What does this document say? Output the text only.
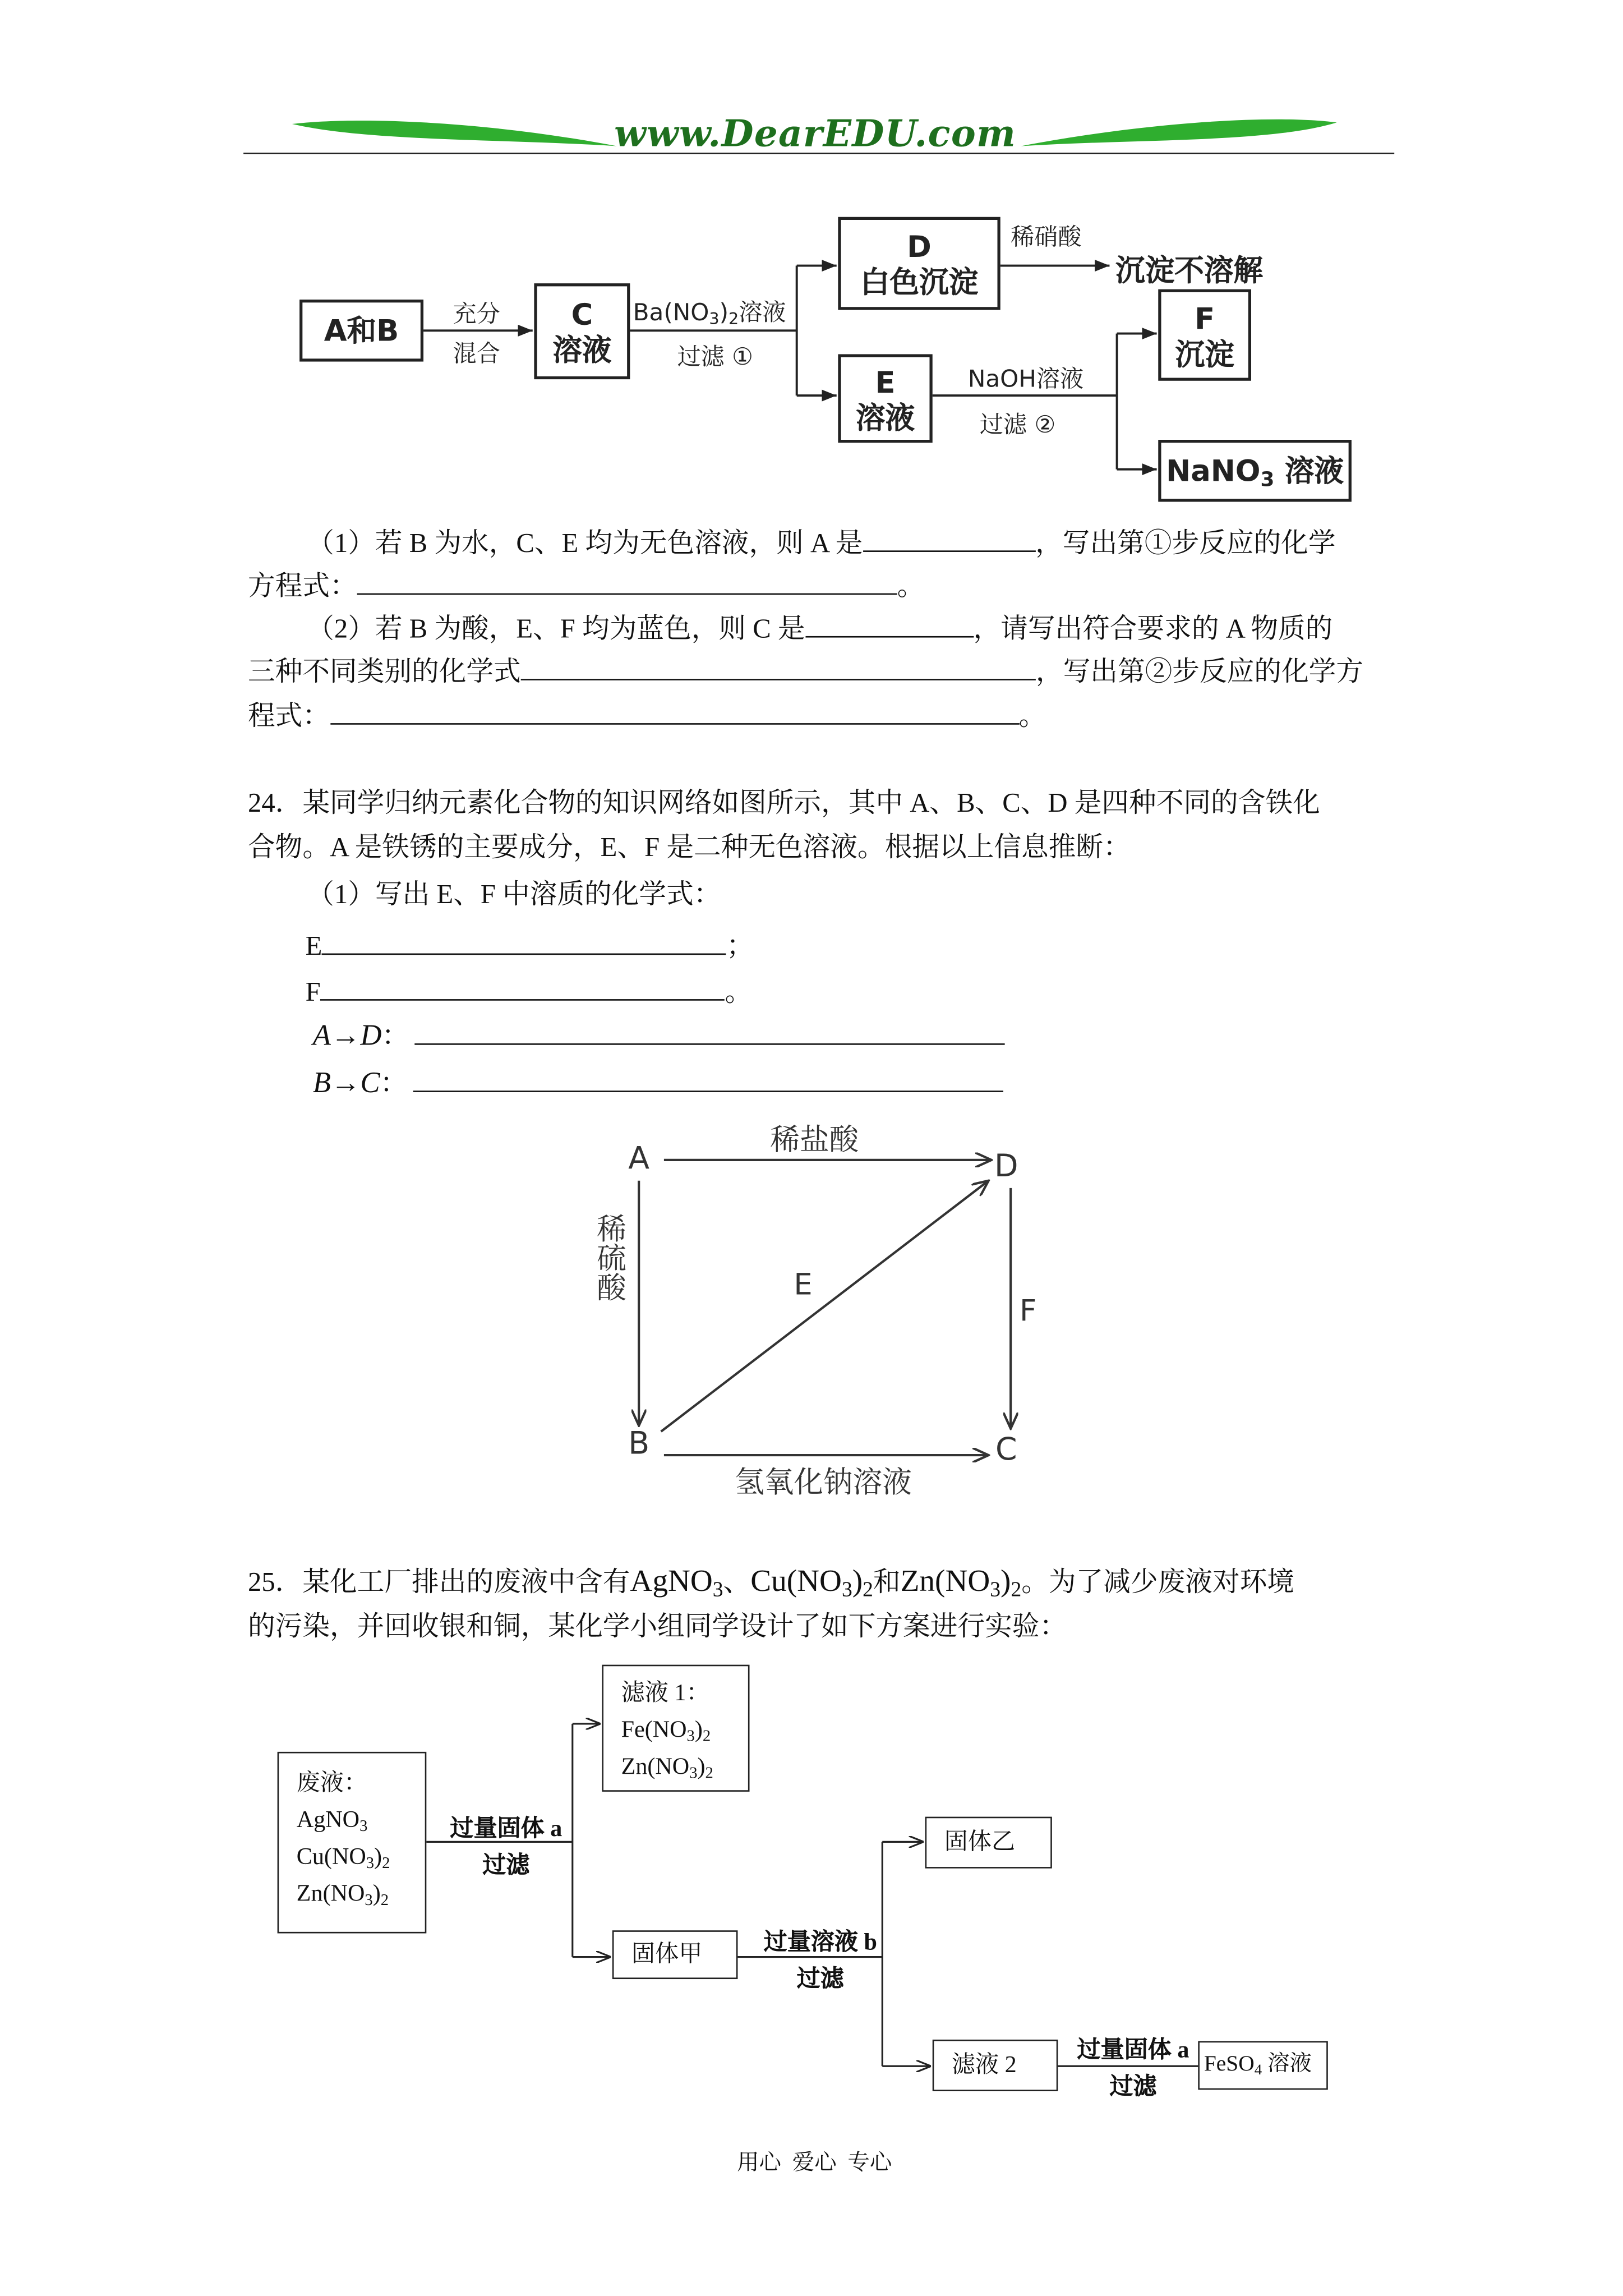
www.DearEDU.com
A和B	充分
混合
C
溶液
$Ba(NO_3)_2$溶液
过滤 ①
D
白色沉淀
稀硝酸
沉淀不溶解
E
溶液
NaOH溶液
过滤 ②
F
沉淀
NaNO$_3$ 溶液
（1）若 B 为水，C、E 均为无色溶液，则 A 是	，写出第①步反应的化学
方程式：	。
（2）若 B 为酸，E、F 均为蓝色，则 C 是	，请写出符合要求的 A 物质的
三种不同类别的化学式	，写出第②步反应的化学方
程式：	。
24．某同学归纳元素化合物的知识网络如图所示，其中 A、B、C、D 是四种不同的含铁化
合物。A 是铁锈的主要成分，E、F 是二种无色溶液。根据以上信息推断：
（1）写出 E、F 中溶质的化学式：
E	；
F	。
A→D：
B→C：
A	D
B	C
稀盐酸
稀硫酸	E
F
氢氧化钠溶液
25．某化工厂排出的废液中含有AgNO$_3$、$Cu(NO_3)_2$和$Zn(NO_3)_2$。为了减少废液对环境
的污染，并回收银和铜，某化学小组同学设计了如下方案进行实验：
废液：
AgNO$_3$
$Cu(NO_3)_2$
$Zn(NO_3)_2$
过量固体 a
过滤
滤液 1：
$Fe(NO_3)_2$
$Zn(NO_3)_2$
固体甲	过量溶液 b
过滤
固体乙
滤液 2
过量固体 a
过滤
FeSO$_4$ 溶液
用心  爱心  专心
